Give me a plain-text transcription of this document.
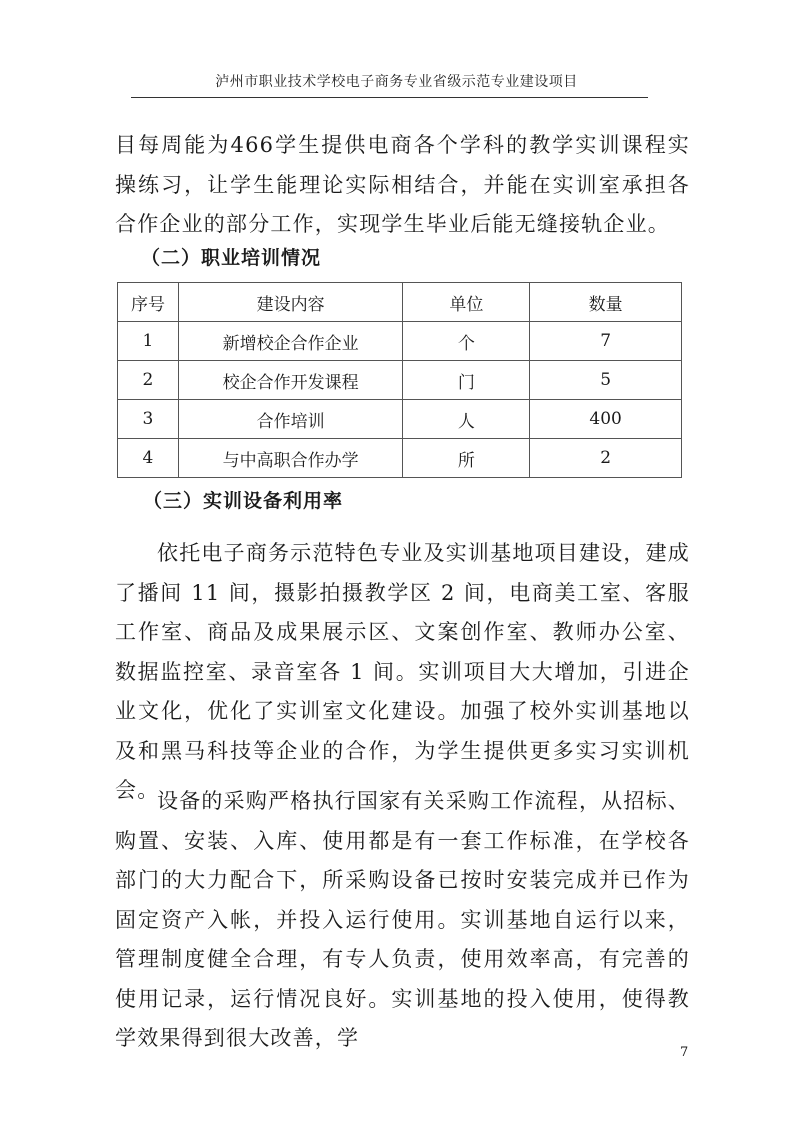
泸州市职业技术学校电子商务专业省级示范专业建设项目

目每周能为466学生提供电商各个学科的教学实训课程实操练习，让学生能理论实际相结合，并能在实训室承担各合作企业的部分工作，实现学生毕业后能无缝接轨企业。

（二）职业培训情况
序号	建设内容	单位	数量
1	新增校企合作企业	个	7
2	校企合作开发课程	门	5
3	合作培训	人	400
4	与中高职合作办学	所	2
（三）实训设备利用率

依托电子商务示范特色专业及实训基地项目建设，建成了播间 11 间，摄影拍摄教学区 2 间，电商美工室、客服工作室、商品及成果展示区、文案创作室、教师办公室、数据监控室、录音室各 1 间。实训项目大大增加，引进企业文化，优化了实训室文化建设。加强了校外实训基地以及和黑马科技等企业的合作，为学生提供更多实习实训机会。

设备的采购严格执行国家有关采购工作流程，从招标、购置、安装、入库、使用都是有一套工作标准，在学校各部门的大力配合下，所采购设备已按时安装完成并已作为固定资产入帐，并投入运行使用。实训基地自运行以来，管理制度健全合理，有专人负责，使用效率高，有完善的使用记录，运行情况良好。实训基地的投入使用，使得教学效果得到很大改善，学

7
